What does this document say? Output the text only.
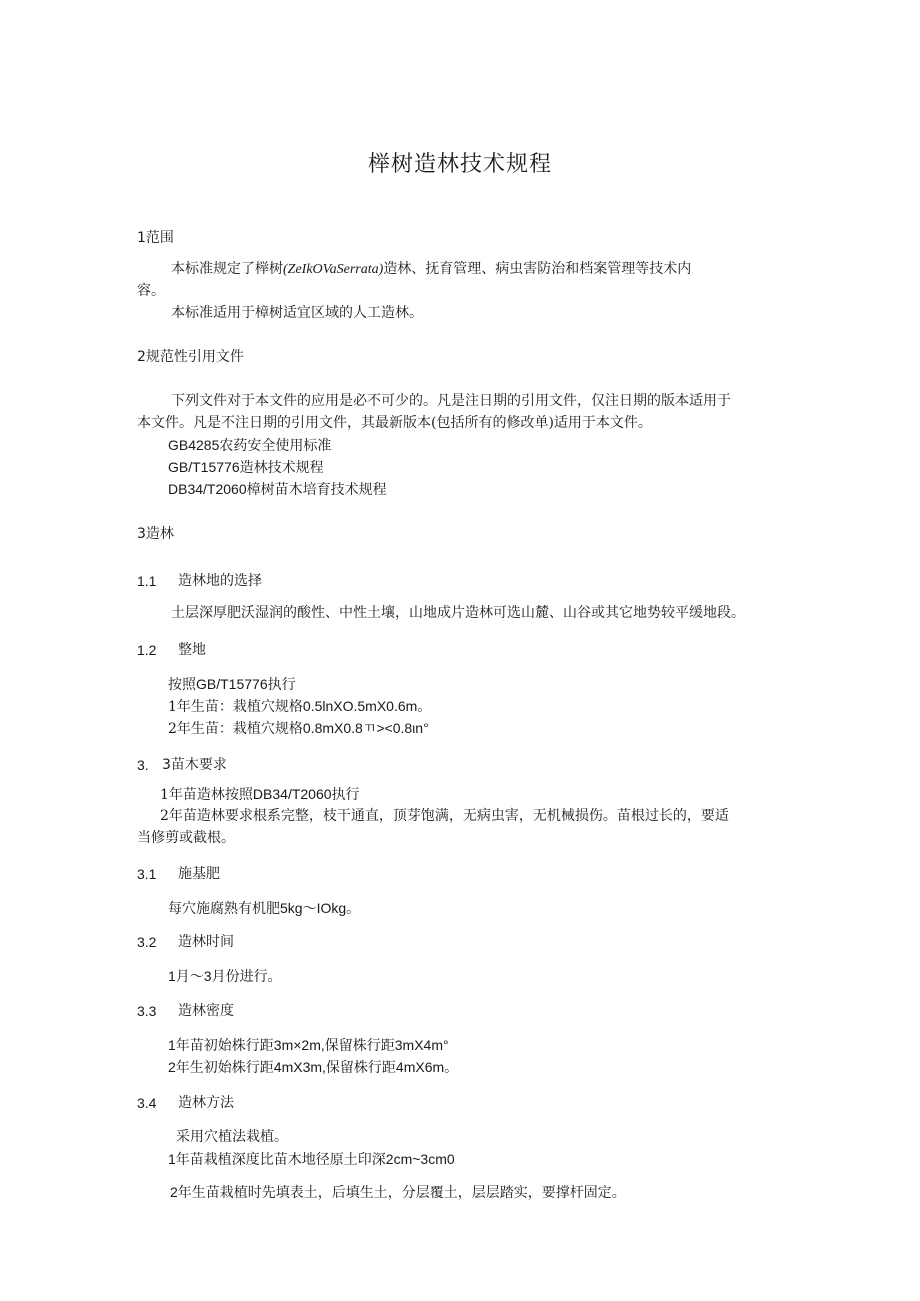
榉树造林技术规程
1范围
本标准规定了榉树(ZeIkOVaSerrata)造林、抚育管理、病虫害防治和档案管理等技术内
容。
本标准适用于樟树适宜区域的人工造林。
2规范性引用文件
下列文件对于本文件的应用是必不可少的。凡是注日期的引用文件，仅注日期的版本适用于
本文件。凡是不注日期的引用文件，其最新版本(包括所有的修改单)适用于本文件。
GB4285农药安全使用标准
GB/T15776造林技术规程
DB34/T2060樟树苗木培育技术规程
3造林
1.1 造林地的选择
土层深厚肥沃湿润的酸性、中性土壤，山地成片造林可选山麓、山谷或其它地势较平缓地段。
1.2 整地
按照GB/T15776执行
1年生苗：栽植穴规格0.5lnXO.5mX0.6m。
2年生苗：栽植穴规格0.8mX0.8ㄲ><0.8ιn°
3. 3苗木要求
1年苗造林按照DB34/T2060执行
2年苗造林要求根系完整，枝干通直，顶芽饱满，无病虫害，无机械损伤。苗根过长的，要适
当修剪或截根。
3.1 施基肥
每穴施腐熟有机肥5kg～IOkg。
3.2 造林时间
1月～3月份进行。
3.3 造林密度
1年苗初始株行距3m×2m,保留株行距3mX4m°
2年生初始株行距4mX3m,保留株行距4mX6m。
3.4 造林方法
采用穴植法栽植。
1年苗栽植深度比苗木地径原土印深2cm~3cm0
2年生苗栽植时先填表土，后填生土，分层覆土，层层踏实，要撑杆固定。
